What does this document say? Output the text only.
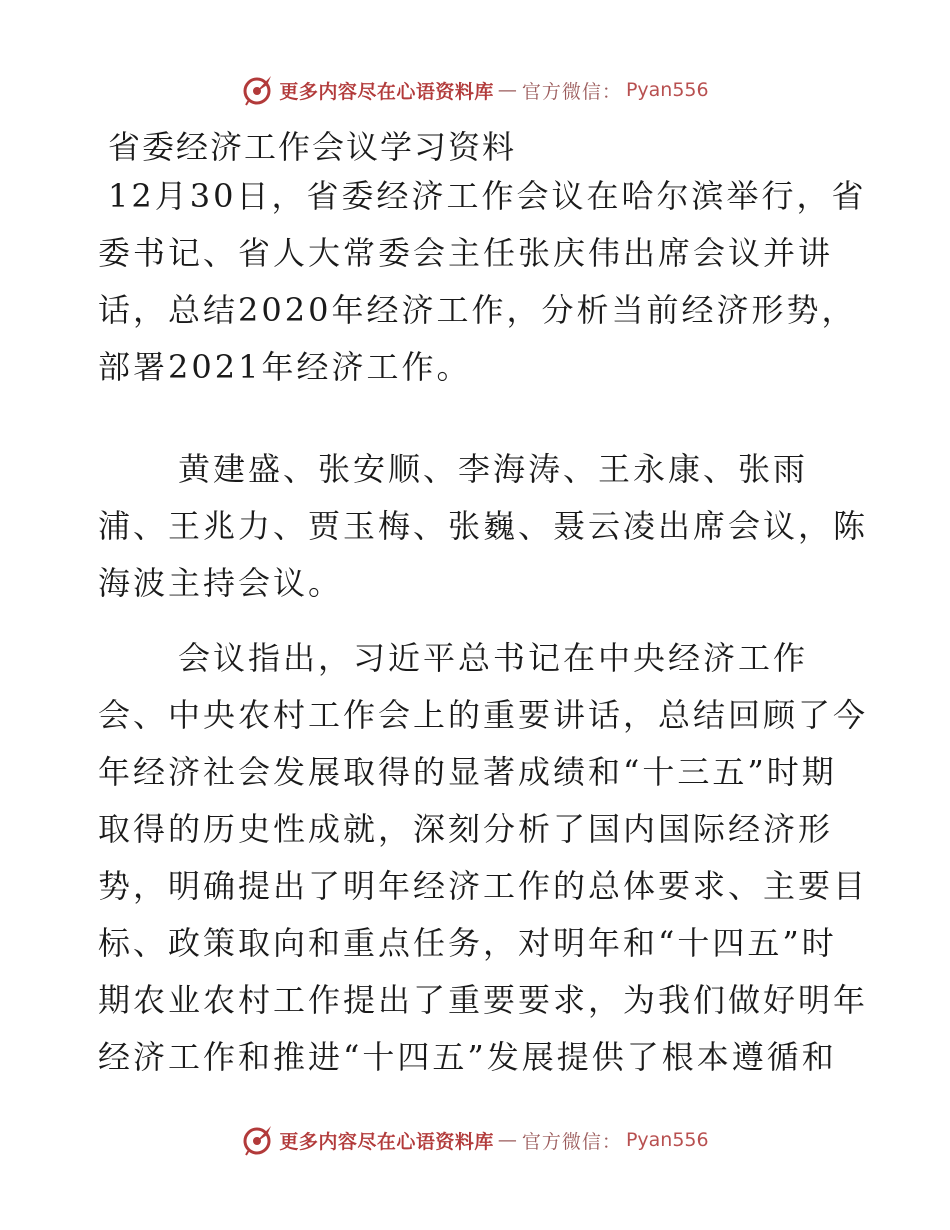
更多内容尽在心语资料库 — 官方微信： Pyan556
省委经济工作会议学习资料
12月30日，省委经济工作会议在哈尔滨举行，省
委书记、省人大常委会主任张庆伟出席会议并讲
话，总结2020年经济工作，分析当前经济形势，
部署2021年经济工作。
黄建盛、张安顺、李海涛、王永康、张雨
浦、王兆力、贾玉梅、张巍、聂云凌出席会议，陈
海波主持会议。
会议指出，习近平总书记在中央经济工作
会、中央农村工作会上的重要讲话，总结回顾了今
年经济社会发展取得的显著成绩和“十三五”时期
取得的历史性成就，深刻分析了国内国际经济形
势，明确提出了明年经济工作的总体要求、主要目
标、政策取向和重点任务，对明年和“十四五”时
期农业农村工作提出了重要要求，为我们做好明年
经济工作和推进“十四五”发展提供了根本遵循和
更多内容尽在心语资料库 — 官方微信： Pyan556
